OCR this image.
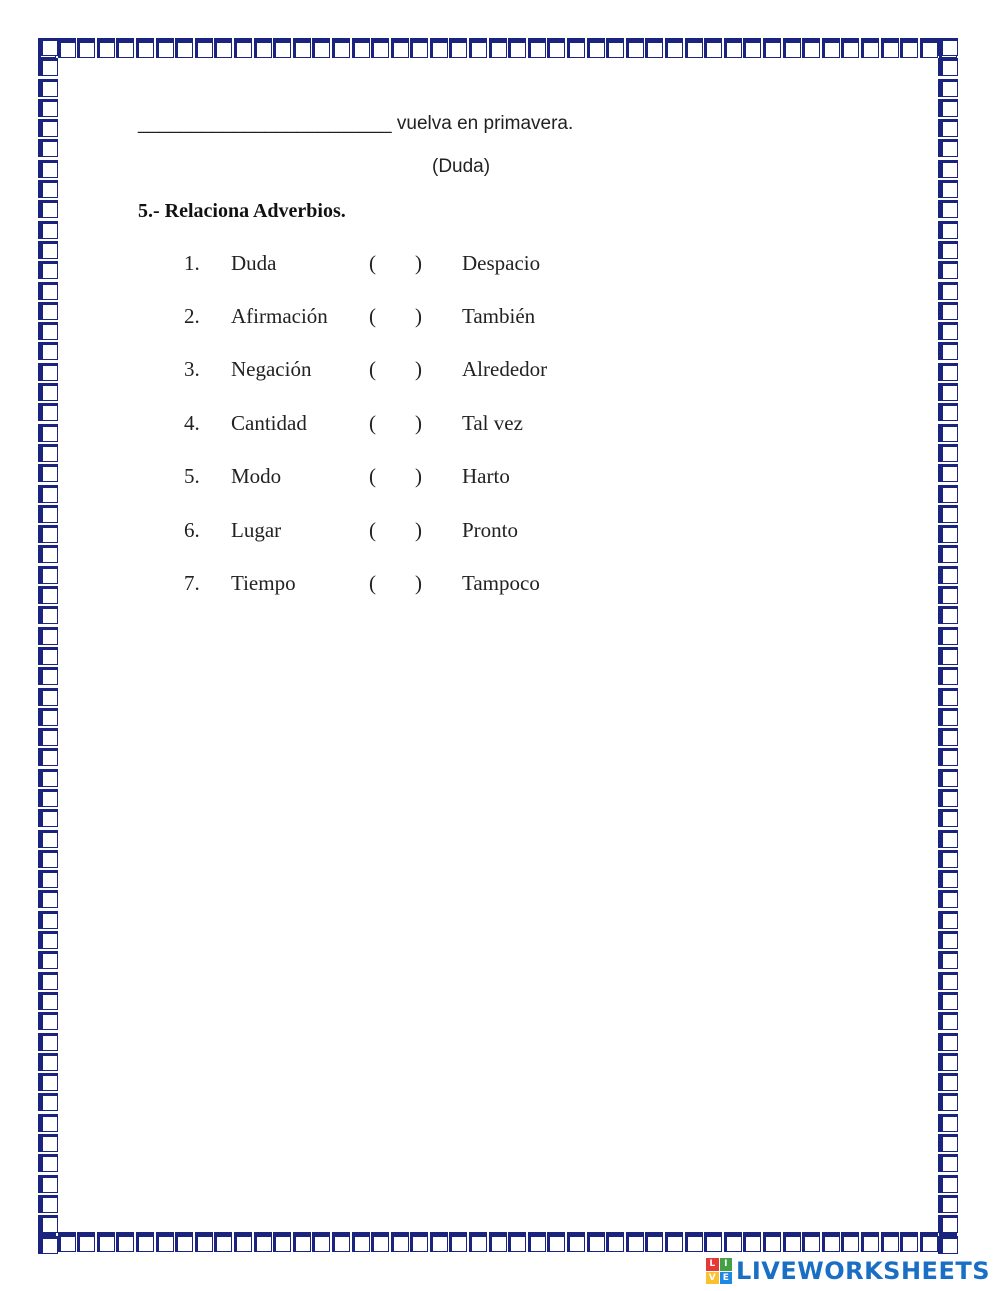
________________________ vuelva en primavera.
(Duda)
5.- Relaciona Adverbios.
1. Duda	( ) Despacio
2. Afirmación ( ) También
3. Negación	( ) Alrededor
4. Cantidad	( ) Tal vez
5. Modo	( ) Harto
6. Lugar	( ) Pronto
7. Tiempo	( ) Tampoco
L I
V E LIVEWORKSHEETS
